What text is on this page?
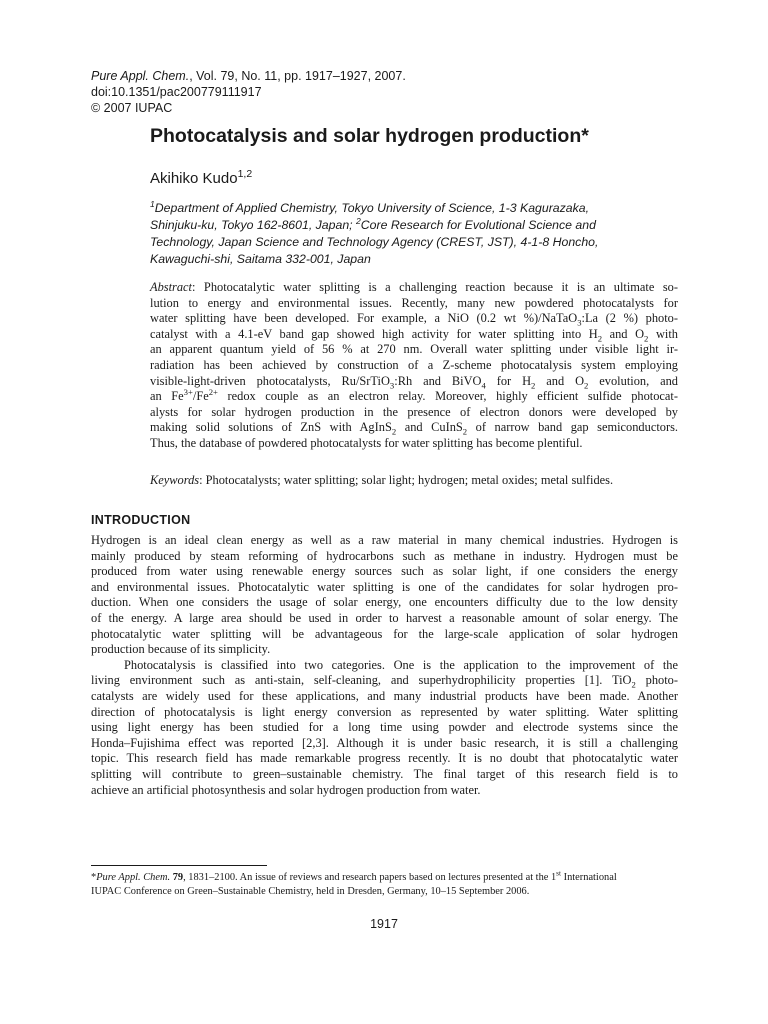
Pure Appl. Chem., Vol. 79, No. 11, pp. 1917–1927, 2007.
doi:10.1351/pac200779111917
© 2007 IUPAC
Photocatalysis and solar hydrogen production*
Akihiko Kudo$^{1,2}$
$^1$Department of Applied Chemistry, Tokyo University of Science, 1-3 Kagurazaka,
Shinjuku-ku, Tokyo 162-8601, Japan; $^2$Core Research for Evolutional Science and
Technology, Japan Science and Technology Agency (CREST, JST), 4-1-8 Honcho,
Kawaguchi-shi, Saitama 332-001, Japan
Abstract: Photocatalytic water splitting is a challenging reaction because it is an ultimate so-
lution to energy and environmental issues. Recently, many new powdered photocatalysts for
water splitting have been developed. For example, a NiO (0.2 wt %)/NaTaO$_3$:La (2 %) photo-
catalyst with a 4.1-eV band gap showed high activity for water splitting into $H_2$ and $O_2$ with
an apparent quantum yield of 56 % at 270 nm. Overall water splitting under visible light ir-
radiation has been achieved by construction of a Z-scheme photocatalysis system employing
visible-light-driven photocatalysts, Ru/SrTiO$_3$:Rh and BiVO$_4$ for $H_2$ and $O_2$ evolution, and
an $Fe^{3+}/Fe^{2+}$ redox couple as an electron relay. Moreover, highly efficient sulfide photocat-
alysts for solar hydrogen production in the presence of electron donors were developed by
making solid solutions of ZnS with AgInS$_2$ and CuInS$_2$ of narrow band gap semiconductors.
Thus, the database of powdered photocatalysts for water splitting has become plentiful.
Keywords: Photocatalysts; water splitting; solar light; hydrogen; metal oxides; metal sulfides.
INTRODUCTION
Hydrogen is an ideal clean energy as well as a raw material in many chemical industries. Hydrogen is
mainly produced by steam reforming of hydrocarbons such as methane in industry. Hydrogen must be
produced from water using renewable energy sources such as solar light, if one considers the energy
and environmental issues. Photocatalytic water splitting is one of the candidates for solar hydrogen pro-
duction. When one considers the usage of solar energy, one encounters difficulty due to the low density
of the energy. A large area should be used in order to harvest a reasonable amount of solar energy. The
photocatalytic water splitting will be advantageous for the large-scale application of solar hydrogen
production because of its simplicity.
Photocatalysis is classified into two categories. One is the application to the improvement of the
living environment such as anti-stain, self-cleaning, and superhydrophilicity properties [1]. TiO$_2$ photo-
catalysts are widely used for these applications, and many industrial products have been made. Another
direction of photocatalysis is light energy conversion as represented by water splitting. Water splitting
using light energy has been studied for a long time using powder and electrode systems since the
Honda–Fujishima effect was reported [2,3]. Although it is under basic research, it is still a challenging
topic. This research field has made remarkable progress recently. It is no doubt that photocatalytic water
splitting will contribute to green–sustainable chemistry. The final target of this research field is to
achieve an artificial photosynthesis and solar hydrogen production from water.
*Pure Appl. Chem. 79, 1831–2100. An issue of reviews and research papers based on lectures presented at the 1st International
IUPAC Conference on Green–Sustainable Chemistry, held in Dresden, Germany, 10–15 September 2006.
1917
